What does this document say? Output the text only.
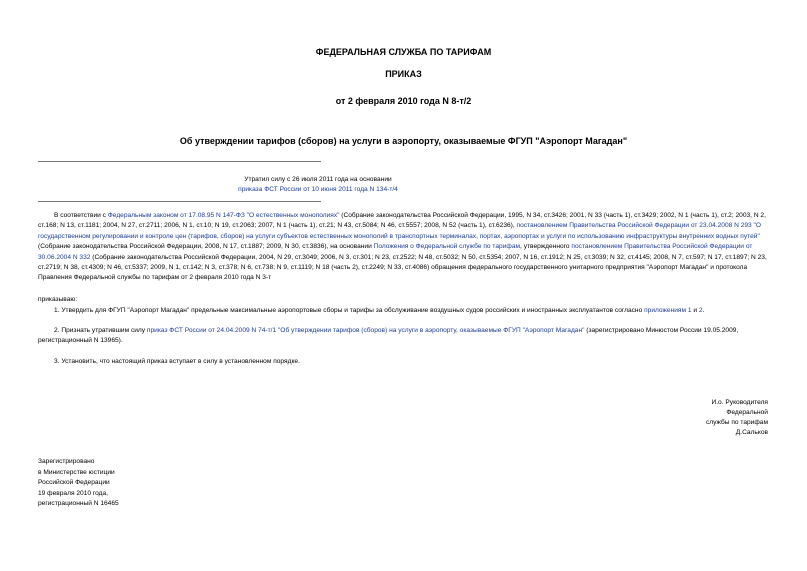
ФЕДЕРАЛЬНАЯ СЛУЖБА ПО ТАРИФАМ
ПРИКАЗ
от 2 февраля 2010 года N 8-т/2
Об утверждении тарифов (сборов) на услуги в аэропорту, оказываемые ФГУП "Аэропорт Магадан"
Утратил силу с 26 июля 2011 года на основании
приказа ФСТ России от 10 июня 2011 года N 134-т/4
В соответствии с Федеральным законом от 17.08.95 N 147-ФЗ "О естественных монополиях" (Собрание законодательства Российской Федерации, 1995, N 34, ст.3426; 2001, N 33 (часть 1), ст.3429; 2002, N 1 (часть 1), ст.2; 2003, N 2, ст.168; N 13, ст.1181; 2004, N 27, ст.2711; 2006, N 1, ст.10; N 19, ст.2063; 2007, N 1 (часть 1), ст.21; N 43, ст.5084; N 46, ст.5557; 2008, N 52 (часть 1), ст.6236), постановлением Правительства Российской Федерации от 23.04.2008 N 293 "О государственном регулировании и контроле цен (тарифов, сборов) на услуги субъектов естественных монополий в транспортных терминалах, портах, аэропортах и услуги по использованию инфраструктуры внутренних водных путей" (Собрание законодательства Российской Федерации, 2008, N 17, ст.1887; 2009, N 30, ст.3836), на основании Положения о Федеральной службе по тарифам, утвержденного постановлением Правительства Российской Федерации от 30.06.2004 N 332 (Собрание законодательства Российской Федерации, 2004, N 29, ст.3049; 2006, N 3, ст.301; N 23, ст.2522; N 48, ст.5032; N 50, ст.5354; 2007, N 16, ст.1912; N 25, ст.3039; N 32, ст.4145; 2008, N 7, ст.597; N 17, ст.1897; N 23, ст.2719; N 38, ст.4309; N 46, ст.5337; 2009, N 1, ст.142; N 3, ст.378; N 6, ст.738; N 9, ст.1119; N 18 (часть 2), ст.2249; N 33, ст.4086) обращения федерального государственного унитарного предприятия "Аэропорт Магадан" и протокола Правления Федеральной службы по тарифам от 2 февраля 2010 года N 3-т
приказываю:
1. Утвердить для ФГУП "Аэропорт Магадан" предельные максимальные аэропортовые сборы и тарифы за обслуживание воздушных судов российских и иностранных эксплуатантов согласно приложениям 1 и 2.
2. Признать утратившим силу приказ ФСТ России от 24.04.2009 N 74-т/1 "Об утверждении тарифов (сборов) на услуги в аэропорту, оказываемые ФГУП "Аэропорт Магадан" (зарегистрировано Минюстом России 19.05.2009, регистрационный N 13965).
3. Установить, что настоящий приказ вступает в силу в установленном порядке.
И.о. Руководителя
Федеральной
службы по тарифам
Д.Сальков
Зарегистрировано
в Министерстве юстиции
Российской Федерации
19 февраля 2010 года,
регистрационный N 16465
